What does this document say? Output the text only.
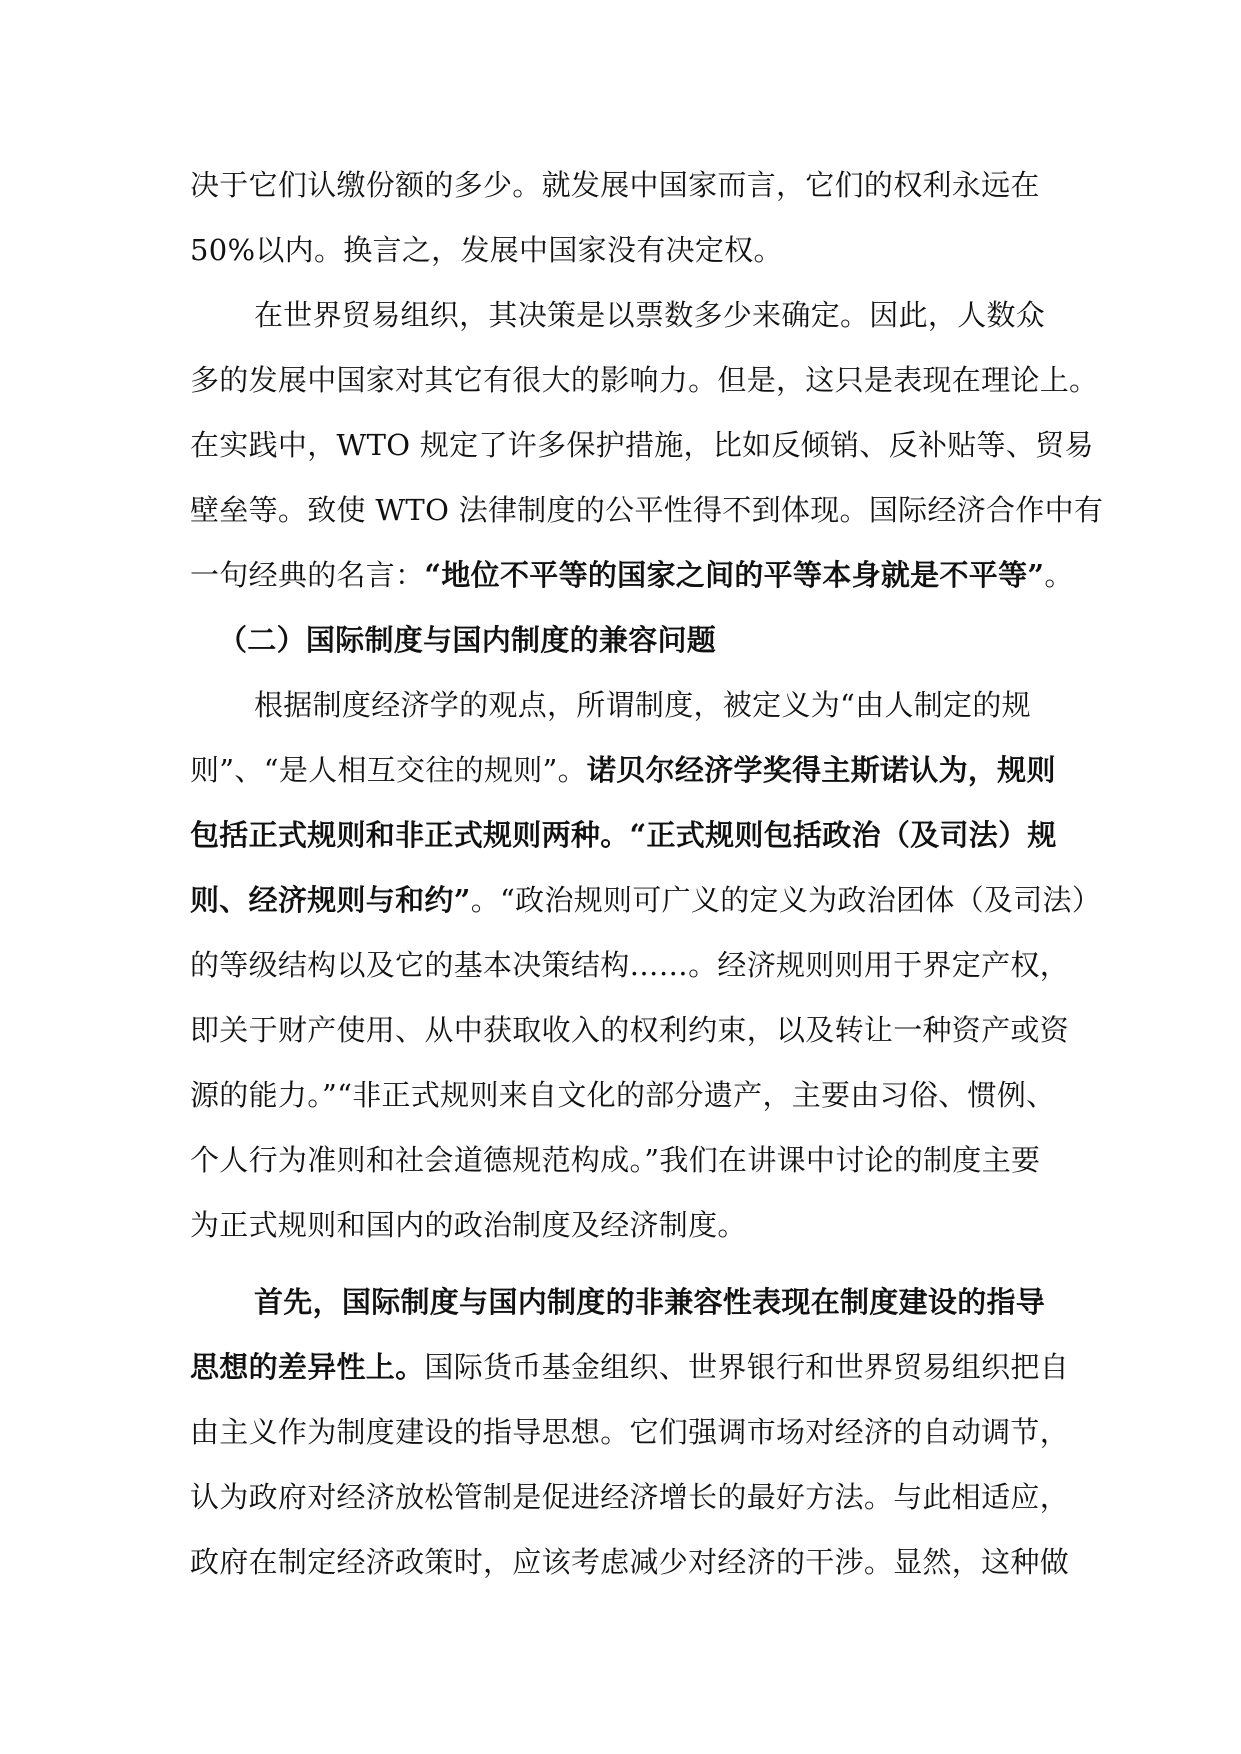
决于它们认缴份额的多少。就发展中国家而言，它们的权利永远在
50%以内。换言之，发展中国家没有决定权。
在世界贸易组织，其决策是以票数多少来确定。因此，人数众
多的发展中国家对其它有很大的影响力。但是，这只是表现在理论上。
在实践中，WTO 规定了许多保护措施，比如反倾销、反补贴等、贸易
壁垒等。致使 WTO 法律制度的公平性得不到体现。国际经济合作中有
一句经典的名言：“地位不平等的国家之间的平等本身就是不平等”。
（二）国际制度与国内制度的兼容问题
根据制度经济学的观点，所谓制度，被定义为“由人制定的规
则”、“是人相互交往的规则”。诺贝尔经济学奖得主斯诺认为，规则
包括正式规则和非正式规则两种。“正式规则包括政治（及司法）规
则、经济规则与和约”。“政治规则可广义的定义为政治团体（及司法）
的等级结构以及它的基本决策结构……。经济规则则用于界定产权，
即关于财产使用、从中获取收入的权利约束，以及转让一种资产或资
源的能力。”“非正式规则来自文化的部分遗产，主要由习俗、惯例、
个人行为准则和社会道德规范构成。”我们在讲课中讨论的制度主要
为正式规则和国内的政治制度及经济制度。
首先，国际制度与国内制度的非兼容性表现在制度建设的指导
思想的差异性上。国际货币基金组织、世界银行和世界贸易组织把自
由主义作为制度建设的指导思想。它们强调市场对经济的自动调节，
认为政府对经济放松管制是促进经济增长的最好方法。与此相适应，
政府在制定经济政策时，应该考虑减少对经济的干涉。显然，这种做
